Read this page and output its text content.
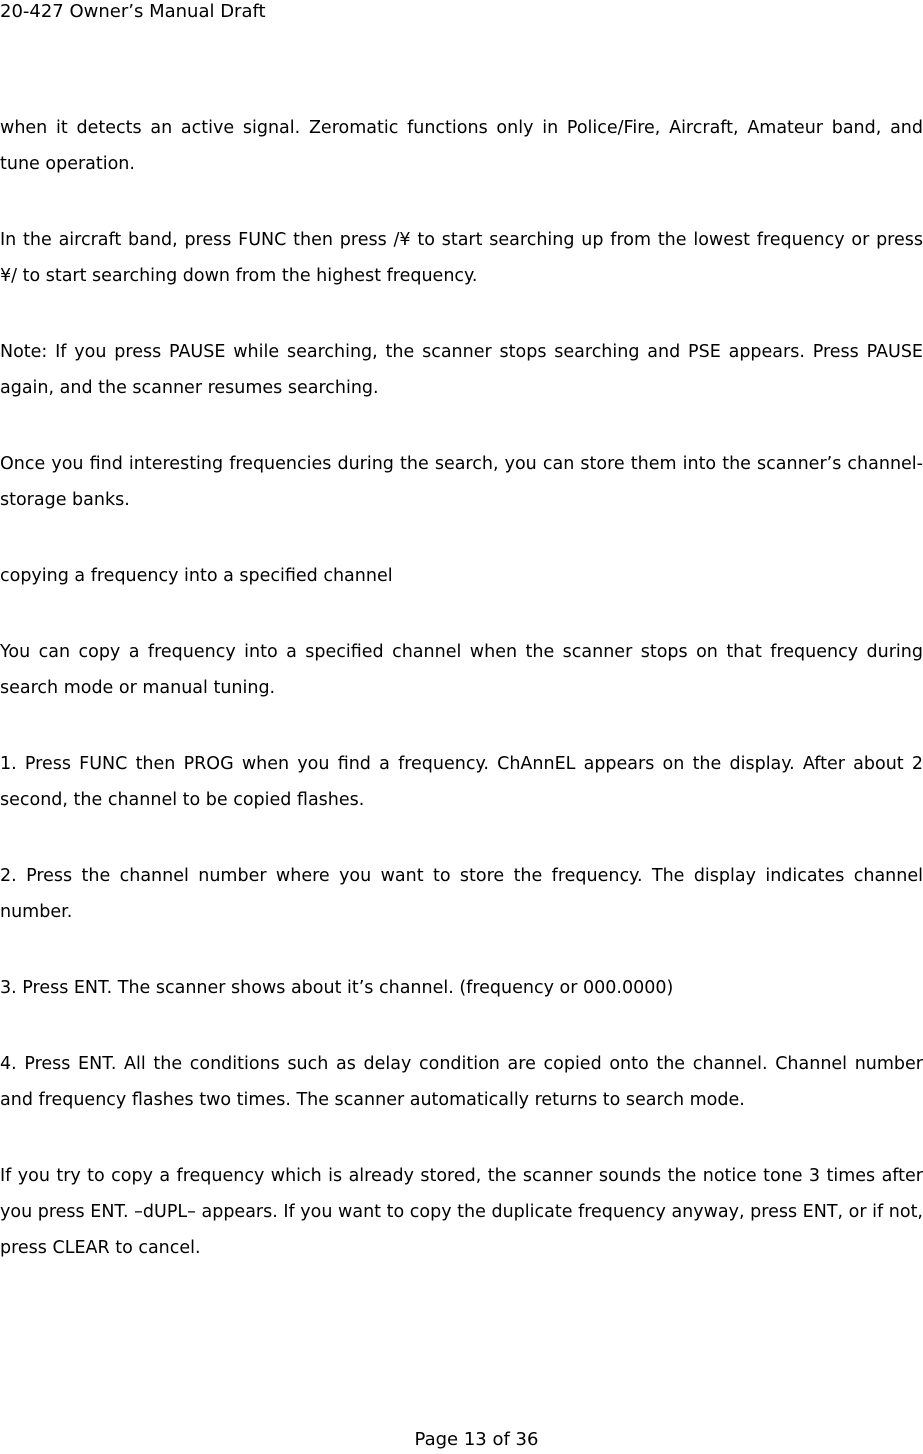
20-427 Owner’s Manual Draft

when it detects an active signal. Zeromatic functions only in Police/Fire, Aircraft, Amateur band, and tune operation.

In the aircraft band, press FUNC then press /¥ to start searching up from the lowest frequency or press ¥/ to start searching down from the highest frequency.

Note: If you press PAUSE while searching, the scanner stops searching and PSE appears. Press PAUSE again, and the scanner resumes searching.

Once you find interesting frequencies during the search, you can store them into the scanner’s channel-storage banks.

copying a frequency into a specified channel

You can copy a frequency into a specified channel when the scanner stops on that frequency during search mode or manual tuning.

1. Press FUNC then PROG when you find a frequency. ChAnnEL appears on the display. After about 2 second, the channel to be copied flashes.

2. Press the channel number where you want to store the frequency. The display indicates channel number.

3. Press ENT. The scanner shows about it’s channel. (frequency or 000.0000)

4. Press ENT. All the conditions such as delay condition are copied onto the channel. Channel number and frequency flashes two times. The scanner automatically returns to search mode.

If you try to copy a frequency which is already stored, the scanner sounds the notice tone 3 times after you press ENT. –dUPL– appears. If you want to copy the duplicate frequency anyway, press ENT, or if not, press CLEAR to cancel.

Page 13 of 36
